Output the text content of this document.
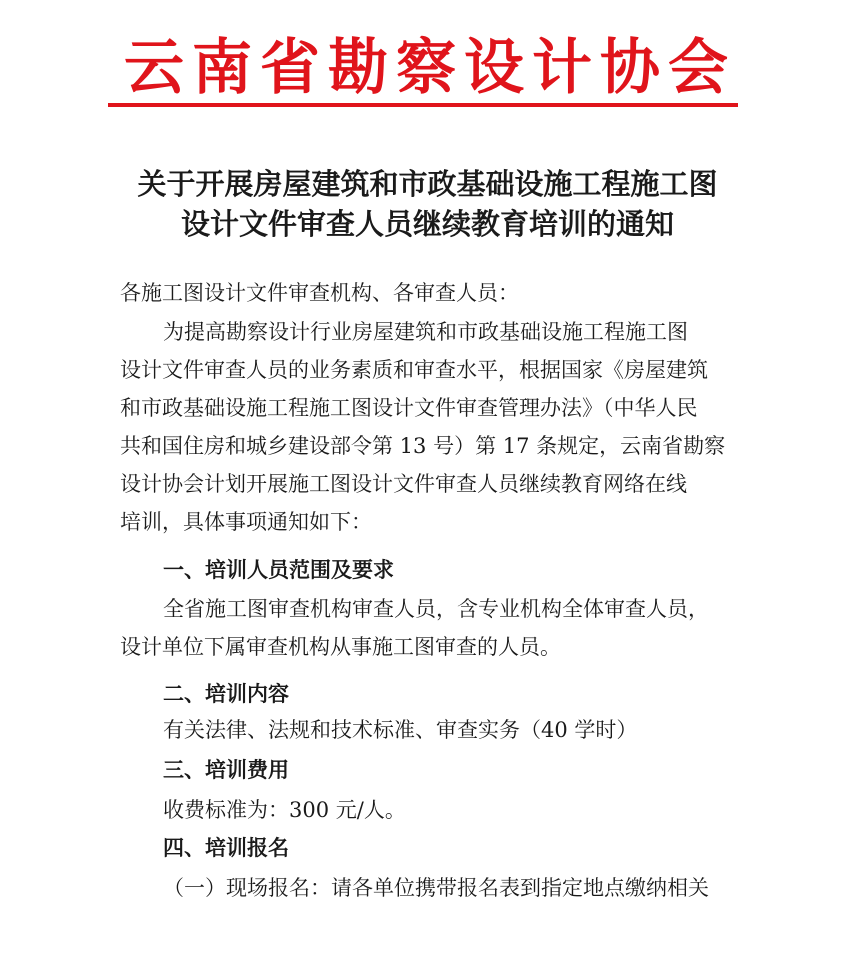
云南省勘察设计协会
关于开展房屋建筑和市政基础设施工程施工图
设计文件审查人员继续教育培训的通知
各施工图设计文件审查机构、各审查人员：
为提高勘察设计行业房屋建筑和市政基础设施工程施工图
设计文件审查人员的业务素质和审查水平，根据国家《房屋建筑
和市政基础设施工程施工图设计文件审查管理办法》（中华人民
共和国住房和城乡建设部令第 13 号）第 17 条规定，云南省勘察
设计协会计划开展施工图设计文件审查人员继续教育网络在线
培训，具体事项通知如下：
一、培训人员范围及要求
全省施工图审查机构审查人员，含专业机构全体审查人员，
设计单位下属审查机构从事施工图审查的人员。
二、培训内容
有关法律、法规和技术标准、审查实务（40 学时）
三、培训费用
收费标准为：300 元/人。
四、培训报名
（一）现场报名：请各单位携带报名表到指定地点缴纳相关
